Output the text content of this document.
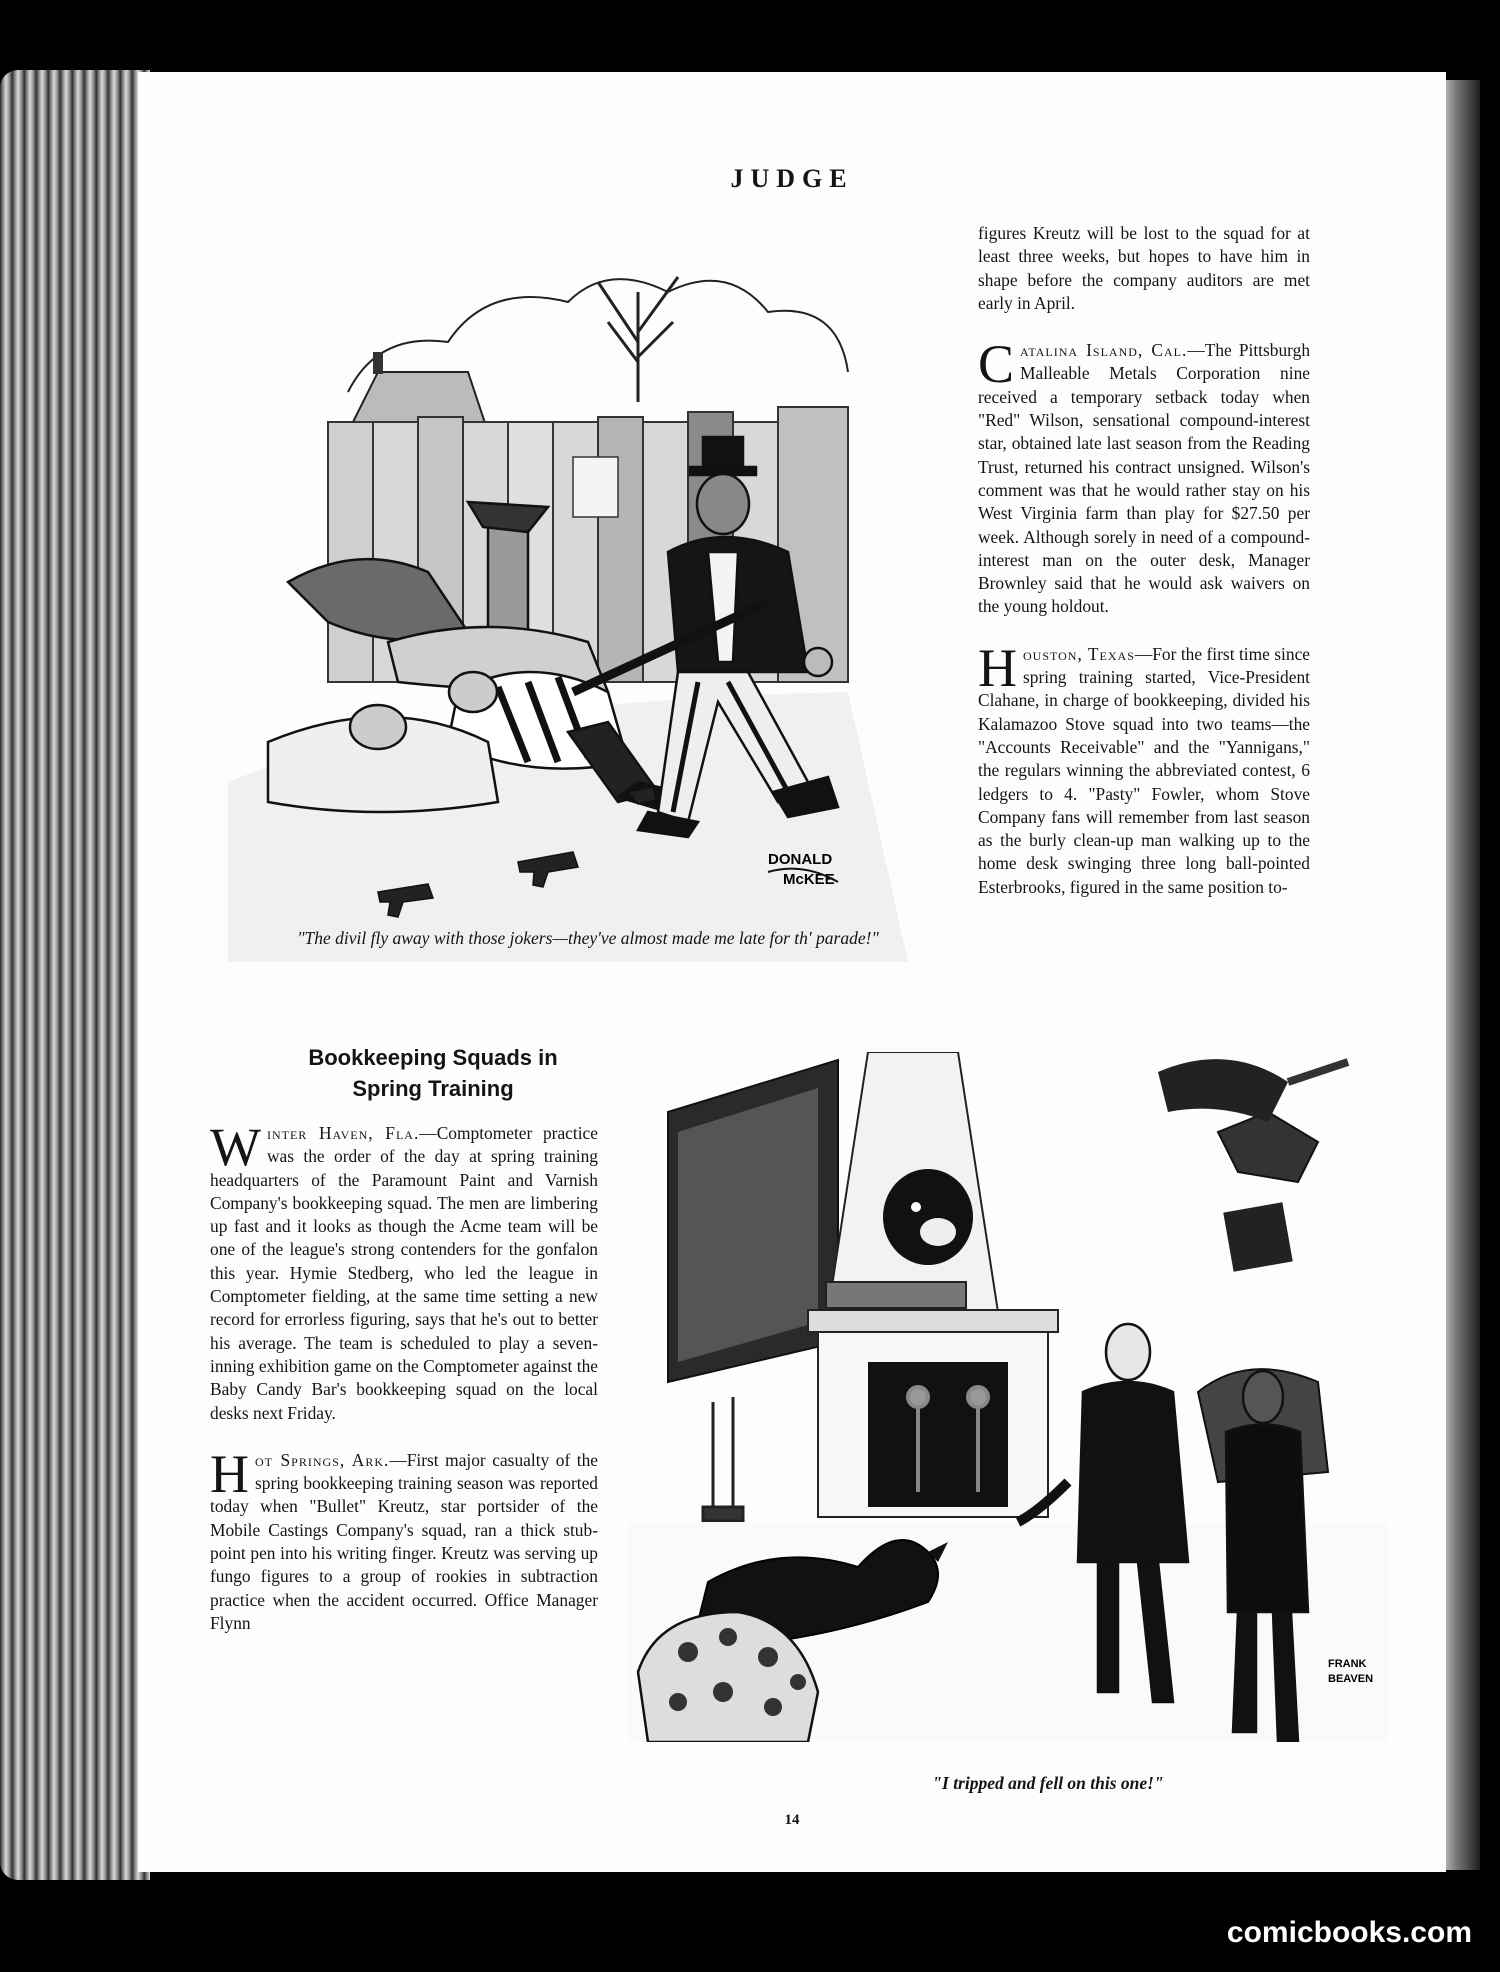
JUDGE
DONALD
McKEE
"The divil fly away with those jokers—they've almost made me late for th' parade!"

figures Kreutz will be lost to the squad for at least three weeks, but hopes to have him in shape before the company auditors are met early in April.

Catalina Island, Cal.—The Pittsburgh Malleable Metals Corporation nine received a temporary setback today when "Red" Wilson, sensational compound-interest star, obtained late last season from the Reading Trust, returned his contract unsigned. Wilson's comment was that he would rather stay on his West Virginia farm than play for $27.50 per week. Although sorely in need of a compound-interest man on the outer desk, Manager Brownley said that he would ask waivers on the young holdout.

Houston, Texas—For the first time since spring training started, Vice-President Clahane, in charge of bookkeeping, divided his Kalamazoo Stove squad into two teams—the "Accounts Receivable" and the "Yannigans," the regulars winning the abbreviated contest, 6 ledgers to 4. "Pasty" Fowler, whom Stove Company fans will remember from last season as the burly clean-up man walking up to the home desk swinging three long ball-pointed Esterbrooks, figured in the same position to-

Bookkeeping Squads in Spring Training

Winter Haven, Fla.—Comptometer practice was the order of the day at spring training headquarters of the Paramount Paint and Varnish Company's bookkeeping squad. The men are limbering up fast and it looks as though the Acme team will be one of the league's strong contenders for the gonfalon this year. Hymie Stedberg, who led the league in Comptometer fielding, at the same time setting a new record for errorless figuring, says that he's out to better his average. The team is scheduled to play a seven-inning exhibition game on the Comptometer against the Baby Candy Bar's bookkeeping squad on the local desks next Friday.

Hot Springs, Ark.—First major casualty of the spring bookkeeping training season was reported today when "Bullet" Kreutz, star portsider of the Mobile Castings Company's squad, ran a thick stub-point pen into his writing finger. Kreutz was serving up fungo figures to a group of rookies in subtraction practice when the accident occurred. Office Manager Flynn

FRANK
BEAVEN
"I tripped and fell on this one!"
14
comicbooks.com
